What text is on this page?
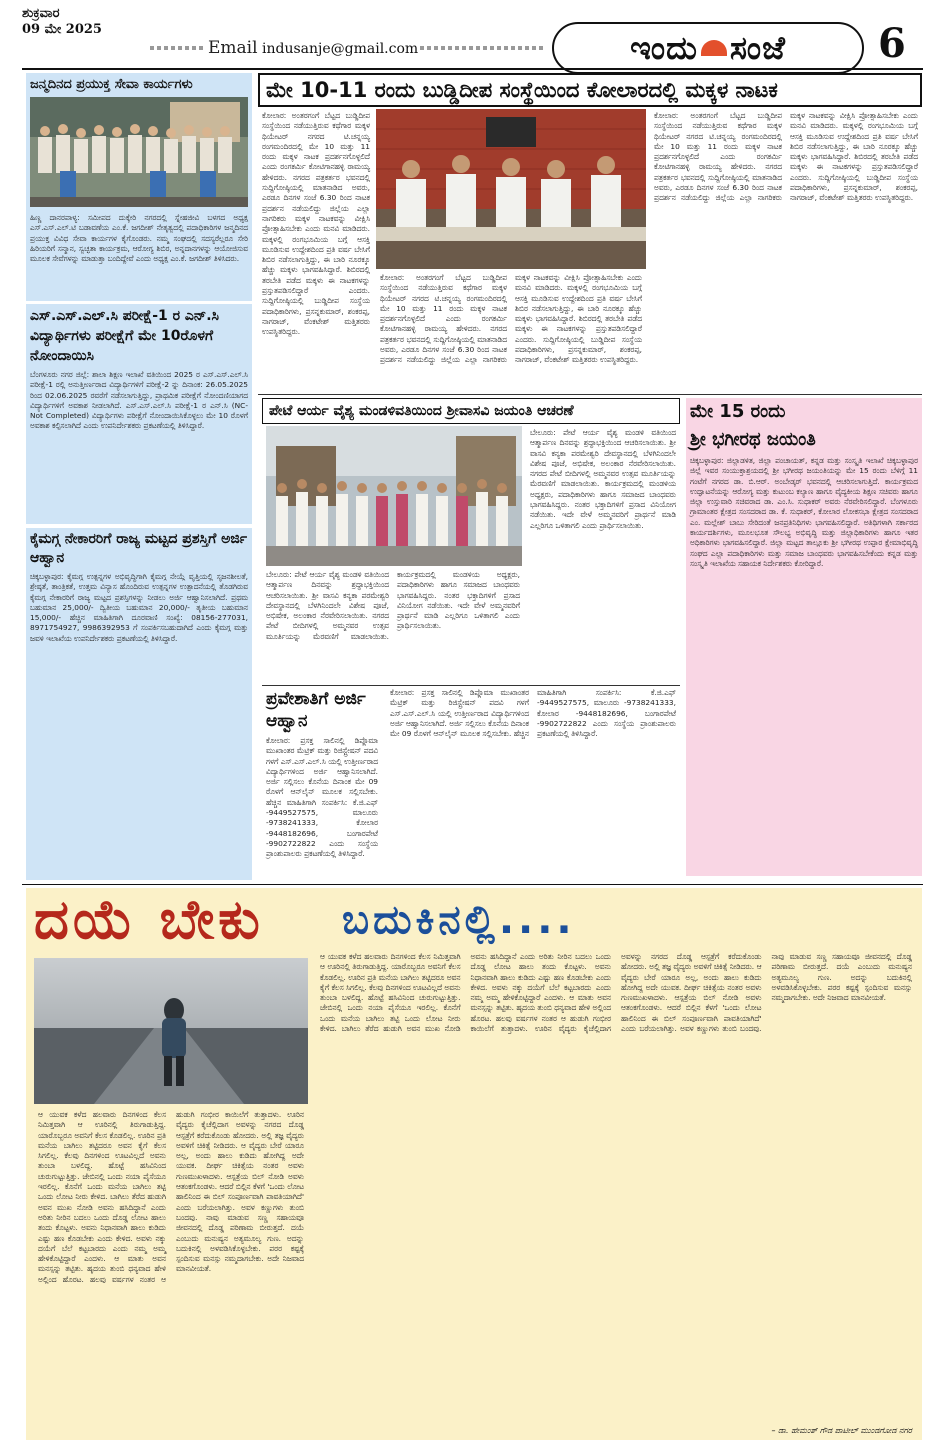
ಶುಕ್ರವಾರ
09 ಮೇ 2025
Email indusanje@gmail.com	ಇಂದು ಸಂಜೆ 6
ಜನ್ಮದಿನದ ಪ್ರಯುಕ್ತ ಸೇವಾ ಕಾರ್ಯಗಳು
ಹಿಣ್ಣ ದಾನರಪಾಳ್ಯ: ಸಮೀಪದ ದುಕ್ಕೇರಿ ನಗರದಲ್ಲಿ ಸ್ನೇಹಜೀವಿ ಬಳಗದ ಅಧ್ಯಕ್ಷ ಎಸ್.ಎಸ್.ಎಲ್.ಟಿ ಬಡಾವಣೆಯ ಎಂ.ಕೆ. ಜಗದೀಶ್ ನೇತೃತ್ವದಲ್ಲಿ ಪದಾಧಿಕಾರಿಗಳ ಜನ್ಮದಿನದ ಪ್ರಯುಕ್ತ ವಿವಿಧ ಸೇವಾ ಕಾರ್ಯಗಳ ಕೈಗೊಂಡರು. ನಮ್ಮ ಸಂಘದಲ್ಲಿ ಸದಸ್ಯರೆಲ್ಲರೂ ಸೇರಿ ಹಿರಿಯರಿಗೆ ಸನ್ಮಾನ, ಸ್ವಚ್ಛತಾ ಕಾರ್ಯಕ್ರಮ, ಆರೋಗ್ಯ ಶಿಬಿರ, ಅನ್ನದಾನಗಳನ್ನು ಆಯೋಜಿಸುವ ಮೂಲಕ ಸೇವೆಗಳನ್ನು ಮಾಡುತ್ತಾ ಬಂದಿದ್ದೇವೆ ಎಂದು ಅಧ್ಯಕ್ಷ ಎಂ.ಕೆ. ಜಗದೀಶ್ ತಿಳಿಸಿದರು.
ಎಸ್.ಎಸ್.ಎಲ್.ಸಿ ಪರೀಕ್ಷೆ-1 ರ ಎನ್.ಸಿ ವಿದ್ಯಾರ್ಥಿಗಳು ಪರೀಕ್ಷೆಗೆ ಮೇ 10ರೊಳಗೆ ನೋಂದಾಯಿಸಿ
ಬೆಂಗಳೂರು ನಗರ ಜಿಲ್ಲೆ: ಶಾಲಾ ಶಿಕ್ಷಣ ಇಲಾಖೆ ವತಿಯಿಂದ 2025 ರ ಎಸ್.ಎಸ್.ಎಲ್.ಸಿ ಪರೀಕ್ಷೆ-1 ರಲ್ಲಿ ಅನುತ್ತೀರ್ಣರಾದ ವಿದ್ಯಾರ್ಥಿಗಳಿಗೆ ಪರೀಕ್ಷೆ-2 ನ್ನು ದಿನಾಂಕ: 26.05.2025 ರಿಂದ 02.06.2025 ರವರೆಗೆ ನಡೆಸಲಾಗುತ್ತಿದ್ದು, ಪ್ರಾಥಮಿಕ ಪರೀಕ್ಷೆಗೆ ನೋಂದಣಿಯಾಗದ ವಿದ್ಯಾರ್ಥಿಗಳಿಗೆ ಅವಕಾಶ ನೀಡಲಾಗಿದೆ. ಎಸ್.ಎಸ್.ಎಲ್.ಸಿ ಪರೀಕ್ಷೆ-1 ರ ಎನ್.ಸಿ (NC-Not Completed) ವಿದ್ಯಾರ್ಥಿಗಳು ಪರೀಕ್ಷೆಗೆ ನೋಂದಾಯಿಸಿಕೊಳ್ಳಲು ಮೇ 10 ರೊಳಗೆ ಅವಕಾಶ ಕಲ್ಪಿಸಲಾಗಿದೆ ಎಂದು ಉಪನಿರ್ದೇಶಕರು ಪ್ರಕಟಣೆಯಲ್ಲಿ ತಿಳಿಸಿದ್ದಾರೆ.
ಕೈಮಗ್ಗ ನೇಕಾರರಿಗೆ ರಾಜ್ಯ ಮಟ್ಟದ ಪ್ರಶಸ್ತಿಗೆ ಅರ್ಜಿ ಆಹ್ವಾನ
ಚಿಕ್ಕಬಳ್ಳಾಪುರ: ಕೈಮಗ್ಗ ಉತ್ಪನ್ನಗಳ ಅಭಿವೃದ್ಧಿಗಾಗಿ ಕೈಮಗ್ಗ ನೇಯ್ಗೆ ವೃತ್ತಿಯಲ್ಲಿ ಸೃಜನಶೀಲತೆ, ಶ್ರೇಷ್ಠತೆ, ತಾಂತ್ರಿಕತೆ, ಉತ್ತಮ ವಿನ್ಯಾಸ ಹೊಂದಿರುವ ಉತ್ಪನ್ನಗಳ ಉತ್ಪಾದನೆಯಲ್ಲಿ ತೊಡಗಿರುವ ಕೈಮಗ್ಗ ನೇಕಾರರಿಗೆ ರಾಜ್ಯ ಮಟ್ಟದ ಪ್ರಶಸ್ತಿಗಳನ್ನು ನೀಡಲು ಅರ್ಜಿ ಆಹ್ವಾನಿಸಲಾಗಿದೆ. ಪ್ರಥಮ ಬಹುಮಾನ 25,000/- ದ್ವಿತೀಯ ಬಹುಮಾನ 20,000/- ತೃತೀಯ ಬಹುಮಾನ 15,000/- ಹೆಚ್ಚಿನ ಮಾಹಿತಿಗಾಗಿ ದೂರವಾಣಿ ಸಂಖ್ಯೆ: 08156-277031, 8971754927, 9986392953 ಗೆ ಸಂಪರ್ಕಿಸಬಹುದಾಗಿದೆ ಎಂದು ಕೈಮಗ್ಗ ಮತ್ತು ಜವಳಿ ಇಲಾಖೆಯ ಉಪನಿರ್ದೇಶಕರು ಪ್ರಕಟಣೆಯಲ್ಲಿ ತಿಳಿಸಿದ್ದಾರೆ.
ಮೇ 10-11 ರಂದು ಬುಡ್ಡಿದೀಪ ಸಂಸ್ಥೆಯಿಂದ ಕೋಲಾರದಲ್ಲಿ ಮಕ್ಕಳ ನಾಟಕ
ಕೋಲಾರ: ಅಂತರಗಂಗೆ ಬೆಟ್ಟದ ಬುಡ್ಡಿದೀಪ ಸಂಸ್ಥೆಯಿಂದ ನಡೆಯುತ್ತಿರುವ ಕಥೆಗಾರ ಮಕ್ಕಳ ಥಿಯೇಟರ್ ನಗರದ ಟಿ.ಚನ್ನಯ್ಯ ರಂಗಮಂದಿರದಲ್ಲಿ ಮೇ 10 ಮತ್ತು 11 ರಂದು ಮಕ್ಕಳ ನಾಟಕ ಪ್ರದರ್ಶನಗೊಳ್ಳಲಿದೆ ಎಂದು ರಂಗಕರ್ಮಿ ಕೋಟಿಗಾನಹಳ್ಳಿ ರಾಮಯ್ಯ ಹೇಳಿದರು. ನಗರದ ಪತ್ರಕರ್ತರ ಭವನದಲ್ಲಿ ಸುದ್ದಿಗೋಷ್ಠಿಯಲ್ಲಿ ಮಾತನಾಡಿದ ಅವರು, ಎರಡೂ ದಿನಗಳ ಸಂಜೆ 6.30 ರಿಂದ ನಾಟಕ ಪ್ರದರ್ಶನ ನಡೆಯಲಿದ್ದು ಜಿಲ್ಲೆಯ ಎಲ್ಲಾ ನಾಗರಿಕರು ಮಕ್ಕಳ ನಾಟಕವನ್ನು ವೀಕ್ಷಿಸಿ ಪ್ರೋತ್ಸಾಹಿಸಬೇಕು ಎಂದು ಮನವಿ ಮಾಡಿದರು. ಮಕ್ಕಳಲ್ಲಿ ರಂಗಭೂಮಿಯ ಬಗ್ಗೆ ಆಸಕ್ತಿ ಮೂಡಿಸುವ ಉದ್ದೇಶದಿಂದ ಪ್ರತಿ ವರ್ಷ ಬೇಸಿಗೆ ಶಿಬಿರ ನಡೆಸಲಾಗುತ್ತಿದ್ದು, ಈ ಬಾರಿ ನೂರಕ್ಕೂ ಹೆಚ್ಚು ಮಕ್ಕಳು ಭಾಗವಹಿಸಿದ್ದಾರೆ. ಶಿಬಿರದಲ್ಲಿ ತರಬೇತಿ ಪಡೆದ ಮಕ್ಕಳು ಈ ನಾಟಕಗಳನ್ನು ಪ್ರಸ್ತುತಪಡಿಸಲಿದ್ದಾರೆ ಎಂದರು. ಸುದ್ದಿಗೋಷ್ಠಿಯಲ್ಲಿ ಬುಡ್ಡಿದೀಪ ಸಂಸ್ಥೆಯ ಪದಾಧಿಕಾರಿಗಳು, ಪ್ರಸನ್ನಕುಮಾರ್, ಶಂಕರಪ್ಪ, ನಾಗರಾಜ್, ವೆಂಕಟೇಶ್ ಮತ್ತಿತರರು ಉಪಸ್ಥಿತರಿದ್ದರು.
ಕೋಲಾರ: ಅಂತರಗಂಗೆ ಬೆಟ್ಟದ ಬುಡ್ಡಿದೀಪ ಸಂಸ್ಥೆಯಿಂದ ನಡೆಯುತ್ತಿರುವ ಕಥೆಗಾರ ಮಕ್ಕಳ ಥಿಯೇಟರ್ ನಗರದ ಟಿ.ಚನ್ನಯ್ಯ ರಂಗಮಂದಿರದಲ್ಲಿ ಮೇ 10 ಮತ್ತು 11 ರಂದು ಮಕ್ಕಳ ನಾಟಕ ಪ್ರದರ್ಶನಗೊಳ್ಳಲಿದೆ ಎಂದು ರಂಗಕರ್ಮಿ ಕೋಟಿಗಾನಹಳ್ಳಿ ರಾಮಯ್ಯ ಹೇಳಿದರು. ನಗರದ ಪತ್ರಕರ್ತರ ಭವನದಲ್ಲಿ ಸುದ್ದಿಗೋಷ್ಠಿಯಲ್ಲಿ ಮಾತನಾಡಿದ ಅವರು, ಎರಡೂ ದಿನಗಳ ಸಂಜೆ 6.30 ರಿಂದ ನಾಟಕ ಪ್ರದರ್ಶನ ನಡೆಯಲಿದ್ದು ಜಿಲ್ಲೆಯ ಎಲ್ಲಾ ನಾಗರಿಕರು ಮಕ್ಕಳ ನಾಟಕವನ್ನು ವೀಕ್ಷಿಸಿ ಪ್ರೋತ್ಸಾಹಿಸಬೇಕು ಎಂದು ಮನವಿ ಮಾಡಿದರು. ಮಕ್ಕಳಲ್ಲಿ ರಂಗಭೂಮಿಯ ಬಗ್ಗೆ ಆಸಕ್ತಿ ಮೂಡಿಸುವ ಉದ್ದೇಶದಿಂದ ಪ್ರತಿ ವರ್ಷ ಬೇಸಿಗೆ ಶಿಬಿರ ನಡೆಸಲಾಗುತ್ತಿದ್ದು, ಈ ಬಾರಿ ನೂರಕ್ಕೂ ಹೆಚ್ಚು ಮಕ್ಕಳು ಭಾಗವಹಿಸಿದ್ದಾರೆ. ಶಿಬಿರದಲ್ಲಿ ತರಬೇತಿ ಪಡೆದ ಮಕ್ಕಳು ಈ ನಾಟಕಗಳನ್ನು ಪ್ರಸ್ತುತಪಡಿಸಲಿದ್ದಾರೆ ಎಂದರು. ಸುದ್ದಿಗೋಷ್ಠಿಯಲ್ಲಿ ಬುಡ್ಡಿದೀಪ ಸಂಸ್ಥೆಯ ಪದಾಧಿಕಾರಿಗಳು, ಪ್ರಸನ್ನಕುಮಾರ್, ಶಂಕರಪ್ಪ, ನಾಗರಾಜ್, ವೆಂಕಟೇಶ್ ಮತ್ತಿತರರು ಉಪಸ್ಥಿತರಿದ್ದರು.
ಕೋಲಾರ: ಅಂತರಗಂಗೆ ಬೆಟ್ಟದ ಬುಡ್ಡಿದೀಪ ಸಂಸ್ಥೆಯಿಂದ ನಡೆಯುತ್ತಿರುವ ಕಥೆಗಾರ ಮಕ್ಕಳ ಥಿಯೇಟರ್ ನಗರದ ಟಿ.ಚನ್ನಯ್ಯ ರಂಗಮಂದಿರದಲ್ಲಿ ಮೇ 10 ಮತ್ತು 11 ರಂದು ಮಕ್ಕಳ ನಾಟಕ ಪ್ರದರ್ಶನಗೊಳ್ಳಲಿದೆ ಎಂದು ರಂಗಕರ್ಮಿ ಕೋಟಿಗಾನಹಳ್ಳಿ ರಾಮಯ್ಯ ಹೇಳಿದರು. ನಗರದ ಪತ್ರಕರ್ತರ ಭವನದಲ್ಲಿ ಸುದ್ದಿಗೋಷ್ಠಿಯಲ್ಲಿ ಮಾತನಾಡಿದ ಅವರು, ಎರಡೂ ದಿನಗಳ ಸಂಜೆ 6.30 ರಿಂದ ನಾಟಕ ಪ್ರದರ್ಶನ ನಡೆಯಲಿದ್ದು ಜಿಲ್ಲೆಯ ಎಲ್ಲಾ ನಾಗರಿಕರು ಮಕ್ಕಳ ನಾಟಕವನ್ನು ವೀಕ್ಷಿಸಿ ಪ್ರೋತ್ಸಾಹಿಸಬೇಕು ಎಂದು ಮನವಿ ಮಾಡಿದರು. ಮಕ್ಕಳಲ್ಲಿ ರಂಗಭೂಮಿಯ ಬಗ್ಗೆ ಆಸಕ್ತಿ ಮೂಡಿಸುವ ಉದ್ದೇಶದಿಂದ ಪ್ರತಿ ವರ್ಷ ಬೇಸಿಗೆ ಶಿಬಿರ ನಡೆಸಲಾಗುತ್ತಿದ್ದು, ಈ ಬಾರಿ ನೂರಕ್ಕೂ ಹೆಚ್ಚು ಮಕ್ಕಳು ಭಾಗವಹಿಸಿದ್ದಾರೆ. ಶಿಬಿರದಲ್ಲಿ ತರಬೇತಿ ಪಡೆದ ಮಕ್ಕಳು ಈ ನಾಟಕಗಳನ್ನು ಪ್ರಸ್ತುತಪಡಿಸಲಿದ್ದಾರೆ ಎಂದರು. ಸುದ್ದಿಗೋಷ್ಠಿಯಲ್ಲಿ ಬುಡ್ಡಿದೀಪ ಸಂಸ್ಥೆಯ ಪದಾಧಿಕಾರಿಗಳು, ಪ್ರಸನ್ನಕುಮಾರ್, ಶಂಕರಪ್ಪ, ನಾಗರಾಜ್, ವೆಂಕಟೇಶ್ ಮತ್ತಿತರರು ಉಪಸ್ಥಿತರಿದ್ದರು.
ಪೇಟೆ ಆರ್ಯ ವೈಶ್ಯ ಮಂಡಳಿವತಿಯಿಂದ ಶ್ರೀವಾಸವಿ ಜಯಂತಿ ಆಚರಣೆ
ಬೇಲೂರು: ಪೇಟೆ ಆರ್ಯ ವೈಶ್ಯ ಮಂಡಳಿ ವತಿಯಿಂದ ಆತ್ಮಾರ್ಪಣ ದಿನವನ್ನು ಶ್ರದ್ಧಾಭಕ್ತಿಯಿಂದ ಆಚರಿಸಲಾಯಿತು. ಶ್ರೀ ವಾಸವಿ ಕನ್ಯಕಾ ಪರಮೇಶ್ವರಿ ದೇವಸ್ಥಾನದಲ್ಲಿ ಬೆಳಗಿನಿಂದಲೇ ವಿಶೇಷ ಪೂಜೆ, ಅಭಿಷೇಕ, ಅಲಂಕಾರ ನೆರವೇರಿಸಲಾಯಿತು. ನಗರದ ಪೇಟೆ ಬೀದಿಗಳಲ್ಲಿ ಅಮ್ಮನವರ ಉತ್ಸವ ಮೂರ್ತಿಯನ್ನು ಮೆರವಣಿಗೆ ಮಾಡಲಾಯಿತು. ಕಾರ್ಯಕ್ರಮದಲ್ಲಿ ಮಂಡಳಿಯ ಅಧ್ಯಕ್ಷರು, ಪದಾಧಿಕಾರಿಗಳು ಹಾಗೂ ಸಮಾಜದ ಬಾಂಧವರು ಭಾಗವಹಿಸಿದ್ದರು. ನಂತರ ಭಕ್ತಾದಿಗಳಿಗೆ ಪ್ರಸಾದ ವಿನಿಯೋಗ ನಡೆಯಿತು. ಇದೇ ವೇಳೆ ಅಮ್ಮನವರಿಗೆ ಪ್ರಾರ್ಥನೆ ಮಾಡಿ ಎಲ್ಲರಿಗೂ ಒಳಿತಾಗಲಿ ಎಂದು ಪ್ರಾರ್ಥಿಸಲಾಯಿತು.
ಬೇಲೂರು: ಪೇಟೆ ಆರ್ಯ ವೈಶ್ಯ ಮಂಡಳಿ ವತಿಯಿಂದ ಆತ್ಮಾರ್ಪಣ ದಿನವನ್ನು ಶ್ರದ್ಧಾಭಕ್ತಿಯಿಂದ ಆಚರಿಸಲಾಯಿತು. ಶ್ರೀ ವಾಸವಿ ಕನ್ಯಕಾ ಪರಮೇಶ್ವರಿ ದೇವಸ್ಥಾನದಲ್ಲಿ ಬೆಳಗಿನಿಂದಲೇ ವಿಶೇಷ ಪೂಜೆ, ಅಭಿಷೇಕ, ಅಲಂಕಾರ ನೆರವೇರಿಸಲಾಯಿತು. ನಗರದ ಪೇಟೆ ಬೀದಿಗಳಲ್ಲಿ ಅಮ್ಮನವರ ಉತ್ಸವ ಮೂರ್ತಿಯನ್ನು ಮೆರವಣಿಗೆ ಮಾಡಲಾಯಿತು. ಕಾರ್ಯಕ್ರಮದಲ್ಲಿ ಮಂಡಳಿಯ ಅಧ್ಯಕ್ಷರು, ಪದಾಧಿಕಾರಿಗಳು ಹಾಗೂ ಸಮಾಜದ ಬಾಂಧವರು ಭಾಗವಹಿಸಿದ್ದರು. ನಂತರ ಭಕ್ತಾದಿಗಳಿಗೆ ಪ್ರಸಾದ ವಿನಿಯೋಗ ನಡೆಯಿತು. ಇದೇ ವೇಳೆ ಅಮ್ಮನವರಿಗೆ ಪ್ರಾರ್ಥನೆ ಮಾಡಿ ಎಲ್ಲರಿಗೂ ಒಳಿತಾಗಲಿ ಎಂದು ಪ್ರಾರ್ಥಿಸಲಾಯಿತು.
ಪ್ರವೇಶಾತಿಗೆ ಅರ್ಜಿ ಆಹ್ವಾನ
ಕೋಲಾರ: ಪ್ರಸಕ್ತ ಸಾಲಿನಲ್ಲಿ ಡಿಪ್ಲೊಮಾ ಮುಖಾಂತರ ಮೆಟ್ರಿಕ್ ಮತ್ತು ರಿಜಿಸ್ಟ್ರೇಷನ್ ಪದವಿ ಗಳಗೆ ಎಸ್.ಎಸ್.ಎಲ್.ಸಿ ಯಲ್ಲಿ ಉತ್ತೀರ್ಣರಾದ ವಿದ್ಯಾರ್ಥಿಗಳಿಂದ ಅರ್ಜಿ ಆಹ್ವಾನಿಸಲಾಗಿದೆ. ಅರ್ಜಿ ಸಲ್ಲಿಸಲು ಕೊನೆಯ ದಿನಾಂಕ ಮೇ 09 ರೊಳಗೆ ಆನ್‌ಲೈನ್ ಮೂಲಕ ಸಲ್ಲಿಸಬೇಕು. ಹೆಚ್ಚಿನ ಮಾಹಿತಿಗಾಗಿ ಸಂಪರ್ಕಿಸಿ: ಕೆ.ಜಿ.ಎಫ್ -9449527575, ಮಾಲೂರು -9738241333, ಕೋಲಾರ -9448182696, ಬಂಗಾರಪೇಟೆ -9902722822 ಎಂದು ಸಂಸ್ಥೆಯ ಪ್ರಾಂಶುಪಾಲರು ಪ್ರಕಟಣೆಯಲ್ಲಿ ತಿಳಿಸಿದ್ದಾರೆ.
ಕೋಲಾರ: ಪ್ರಸಕ್ತ ಸಾಲಿನಲ್ಲಿ ಡಿಪ್ಲೊಮಾ ಮುಖಾಂತರ ಮೆಟ್ರಿಕ್ ಮತ್ತು ರಿಜಿಸ್ಟ್ರೇಷನ್ ಪದವಿ ಗಳಗೆ ಎಸ್.ಎಸ್.ಎಲ್.ಸಿ ಯಲ್ಲಿ ಉತ್ತೀರ್ಣರಾದ ವಿದ್ಯಾರ್ಥಿಗಳಿಂದ ಅರ್ಜಿ ಆಹ್ವಾನಿಸಲಾಗಿದೆ. ಅರ್ಜಿ ಸಲ್ಲಿಸಲು ಕೊನೆಯ ದಿನಾಂಕ ಮೇ 09 ರೊಳಗೆ ಆನ್‌ಲೈನ್ ಮೂಲಕ ಸಲ್ಲಿಸಬೇಕು. ಹೆಚ್ಚಿನ ಮಾಹಿತಿಗಾಗಿ ಸಂಪರ್ಕಿಸಿ: ಕೆ.ಜಿ.ಎಫ್ -9449527575, ಮಾಲೂರು -9738241333, ಕೋಲಾರ -9448182696, ಬಂಗಾರಪೇಟೆ -9902722822 ಎಂದು ಸಂಸ್ಥೆಯ ಪ್ರಾಂಶುಪಾಲರು ಪ್ರಕಟಣೆಯಲ್ಲಿ ತಿಳಿಸಿದ್ದಾರೆ.
ಮೇ 15 ರಂದು
ಶ್ರೀ ಭಗೀರಥ ಜಯಂತಿ
ಚಿಕ್ಕಬಳ್ಳಾಪುರ: ಜಿಲ್ಲಾಡಳಿತ, ಜಿಲ್ಲಾ ಪಂಚಾಯತ್, ಕನ್ನಡ ಮತ್ತು ಸಂಸ್ಕೃತಿ ಇಲಾಖೆ ಚಿಕ್ಕಬಳ್ಳಾಪುರ ಜಿಲ್ಲೆ ಇವರ ಸಂಯುಕ್ತಾಶ್ರಯದಲ್ಲಿ ಶ್ರೀ ಭಗೀರಥ ಜಯಂತಿಯನ್ನು ಮೇ 15 ರಂದು ಬೆಳಿಗ್ಗೆ 11 ಗಂಟೆಗೆ ನಗರದ ಡಾ. ಬಿ.ಆರ್. ಅಂಬೇಡ್ಕರ್ ಭವನದಲ್ಲಿ ಆಚರಿಸಲಾಗುತ್ತಿದೆ. ಕಾರ್ಯಕ್ರಮದ ಉದ್ಘಾಟನೆಯನ್ನು ಆರೋಗ್ಯ ಮತ್ತು ಕುಟುಂಬ ಕಲ್ಯಾಣ ಹಾಗೂ ವೈದ್ಯಕೀಯ ಶಿಕ್ಷಣ ಸಚಿವರು ಹಾಗೂ ಜಿಲ್ಲಾ ಉಸ್ತುವಾರಿ ಸಚಿವರಾದ ಡಾ. ಎಂ.ಸಿ. ಸುಧಾಕರ್ ಅವರು ನೆರವೇರಿಸಲಿದ್ದಾರೆ. ಬೆಂಗಳೂರು ಗ್ರಾಮಾಂತರ ಕ್ಷೇತ್ರದ ಸಂಸದರಾದ ಡಾ. ಕೆ. ಸುಧಾಕರ್, ಕೋಲಾರ ಲೋಕಸಭಾ ಕ್ಷೇತ್ರದ ಸಂಸದರಾದ ಎಂ. ಮಲ್ಲೇಶ್ ಬಾಬು ಸೇರಿದಂತೆ ಜನಪ್ರತಿನಿಧಿಗಳು ಭಾಗವಹಿಸಲಿದ್ದಾರೆ. ಅತಿಥಿಗಳಾಗಿ ಸರ್ಕಾರದ ಕಾರ್ಯದರ್ಶಿಗಳು, ಮೂಲಭೂತ ಸೌಲಭ್ಯ ಅಭಿವೃದ್ಧಿ ಮತ್ತು ಜಿಲ್ಲಾಧಿಕಾರಿಗಳು ಹಾಗೂ ಇತರ ಅಧಿಕಾರಿಗಳು ಭಾಗವಹಿಸಲಿದ್ದಾರೆ. ಜಿಲ್ಲಾ ಮಟ್ಟದ ತಾಲ್ಲೂಕು ಶ್ರೀ ಭಗೀರಥ ಉಪ್ಪಾರ ಕ್ಷೇಮಾಭಿವೃದ್ಧಿ ಸಂಘದ ಎಲ್ಲಾ ಪದಾಧಿಕಾರಿಗಳು ಮತ್ತು ಸಮಾಜ ಬಾಂಧವರು ಭಾಗವಹಿಸಬೇಕೆಂದು ಕನ್ನಡ ಮತ್ತು ಸಂಸ್ಕೃತಿ ಇಲಾಖೆಯ ಸಹಾಯಕ ನಿರ್ದೇಶಕರು ಕೋರಿದ್ದಾರೆ.
ದಯೆ ಬೇಕು ಬದುಕಿನಲ್ಲಿ....
ಆ ಯುವಕ ಕಳೆದ ಹಲವಾರು ದಿನಗಳಿಂದ ಕೆಲಸ ನಿಮಿತ್ತವಾಗಿ ಆ ಊರಿನಲ್ಲಿ ತಿರುಗಾಡುತ್ತಿದ್ದ. ಯಾರೊಬ್ಬರೂ ಅವನಿಗೆ ಕೆಲಸ ಕೊಡಲಿಲ್ಲ. ಊರಿನ ಪ್ರತಿ ಮನೆಯ ಬಾಗಿಲು ತಟ್ಟಿದರೂ ಅವನ ಕೈಗೆ ಕೆಲಸ ಸಿಗಲಿಲ್ಲ. ಕೆಲವು ದಿನಗಳಿಂದ ಊಟವಿಲ್ಲದೆ ಅವನು ತುಂಬಾ ಬಳಲಿದ್ದ. ಹೊಟ್ಟೆ ಹಸಿವಿನಿಂದ ಚುರುಗುಟ್ಟುತ್ತಿತ್ತು. ಜೇಬಿನಲ್ಲಿ ಒಂದು ನಯಾ ಪೈಸೆಯೂ ಇರಲಿಲ್ಲ. ಕೊನೆಗೆ ಒಂದು ಮನೆಯ ಬಾಗಿಲು ತಟ್ಟಿ ಒಂದು ಲೋಟ ನೀರು ಕೇಳಿದ. ಬಾಗಿಲು ತೆರೆದ ಹುಡುಗಿ ಅವನ ಮುಖ ನೋಡಿ ಅವನು ಹಸಿದಿದ್ದಾನೆ ಎಂದು ಅರಿತು ನೀರಿನ ಬದಲು ಒಂದು ದೊಡ್ಡ ಲೋಟ ಹಾಲು ತಂದು ಕೊಟ್ಟಳು. ಅವನು ನಿಧಾನವಾಗಿ ಹಾಲು ಕುಡಿದು ಎಷ್ಟು ಹಣ ಕೊಡಬೇಕು ಎಂದು ಕೇಳಿದ. ಅವಳು ನಕ್ಕು ದಯೆಗೆ ಬೆಲೆ ಕಟ್ಟಬಾರದು ಎಂದು ನಮ್ಮ ಅಮ್ಮ ಹೇಳಿಕೊಟ್ಟಿದ್ದಾರೆ ಎಂದಳು. ಆ ಮಾತು ಅವನ ಮನಸ್ಸನ್ನು ತಟ್ಟಿತು. ಹೃದಯ ತುಂಬಿ ಧನ್ಯವಾದ ಹೇಳಿ ಅಲ್ಲಿಂದ ಹೊರಟ. ಹಲವು ವರ್ಷಗಳ ನಂತರ ಆ ಹುಡುಗಿ ಗಂಭೀರ ಕಾಯಿಲೆಗೆ ತುತ್ತಾದಳು. ಊರಿನ ವೈದ್ಯರು ಕೈಚೆಲ್ಲಿದಾಗ ಅವಳನ್ನು ನಗರದ ದೊಡ್ಡ ಆಸ್ಪತ್ರೆಗೆ ಕರೆದುಕೊಂಡು ಹೋದರು. ಅಲ್ಲಿ ತಜ್ಞ ವೈದ್ಯರು ಅವಳಿಗೆ ಚಿಕಿತ್ಸೆ ನೀಡಿದರು. ಆ ವೈದ್ಯರು ಬೇರೆ ಯಾರೂ ಅಲ್ಲ, ಅಂದು ಹಾಲು ಕುಡಿದು ಹೋಗಿದ್ದ ಅದೇ ಯುವಕ. ದೀರ್ಘ ಚಿಕಿತ್ಸೆಯ ನಂತರ ಅವಳು ಗುಣಮುಖಳಾದಳು. ಆಸ್ಪತ್ರೆಯ ಬಿಲ್ ನೋಡಿ ಅವಳು ಆತಂಕಗೊಂಡಳು. ಆದರೆ ಬಿಲ್ಲಿನ ಕೆಳಗೆ 'ಒಂದು ಲೋಟ ಹಾಲಿನಿಂದ ಈ ಬಿಲ್ ಸಂಪೂರ್ಣವಾಗಿ ಪಾವತಿಯಾಗಿದೆ' ಎಂದು ಬರೆಯಲಾಗಿತ್ತು. ಅವಳ ಕಣ್ಣುಗಳು ತುಂಬಿ ಬಂದವು. ನಾವು ಮಾಡುವ ಸಣ್ಣ ಸಹಾಯವೂ ಜೀವನದಲ್ಲಿ ದೊಡ್ಡ ಪರಿಣಾಮ ಬೀರುತ್ತದೆ. ದಯೆ ಎಂಬುದು ಮನುಷ್ಯನ ಅತ್ಯಮೂಲ್ಯ ಗುಣ. ಅದನ್ನು ಬದುಕಿನಲ್ಲಿ ಅಳವಡಿಸಿಕೊಳ್ಳಬೇಕು. ಪರರ ಕಷ್ಟಕ್ಕೆ ಸ್ಪಂದಿಸುವ ಮನಸ್ಸು ನಮ್ಮದಾಗಬೇಕು. ಅದೇ ನಿಜವಾದ ಮಾನವೀಯತೆ.
ಆ ಯುವಕ ಕಳೆದ ಹಲವಾರು ದಿನಗಳಿಂದ ಕೆಲಸ ನಿಮಿತ್ತವಾಗಿ ಆ ಊರಿನಲ್ಲಿ ತಿರುಗಾಡುತ್ತಿದ್ದ. ಯಾರೊಬ್ಬರೂ ಅವನಿಗೆ ಕೆಲಸ ಕೊಡಲಿಲ್ಲ. ಊರಿನ ಪ್ರತಿ ಮನೆಯ ಬಾಗಿಲು ತಟ್ಟಿದರೂ ಅವನ ಕೈಗೆ ಕೆಲಸ ಸಿಗಲಿಲ್ಲ. ಕೆಲವು ದಿನಗಳಿಂದ ಊಟವಿಲ್ಲದೆ ಅವನು ತುಂಬಾ ಬಳಲಿದ್ದ. ಹೊಟ್ಟೆ ಹಸಿವಿನಿಂದ ಚುರುಗುಟ್ಟುತ್ತಿತ್ತು. ಜೇಬಿನಲ್ಲಿ ಒಂದು ನಯಾ ಪೈಸೆಯೂ ಇರಲಿಲ್ಲ. ಕೊನೆಗೆ ಒಂದು ಮನೆಯ ಬಾಗಿಲು ತಟ್ಟಿ ಒಂದು ಲೋಟ ನೀರು ಕೇಳಿದ. ಬಾಗಿಲು ತೆರೆದ ಹುಡುಗಿ ಅವನ ಮುಖ ನೋಡಿ ಅವನು ಹಸಿದಿದ್ದಾನೆ ಎಂದು ಅರಿತು ನೀರಿನ ಬದಲು ಒಂದು ದೊಡ್ಡ ಲೋಟ ಹಾಲು ತಂದು ಕೊಟ್ಟಳು. ಅವನು ನಿಧಾನವಾಗಿ ಹಾಲು ಕುಡಿದು ಎಷ್ಟು ಹಣ ಕೊಡಬೇಕು ಎಂದು ಕೇಳಿದ. ಅವಳು ನಕ್ಕು ದಯೆಗೆ ಬೆಲೆ ಕಟ್ಟಬಾರದು ಎಂದು ನಮ್ಮ ಅಮ್ಮ ಹೇಳಿಕೊಟ್ಟಿದ್ದಾರೆ ಎಂದಳು. ಆ ಮಾತು ಅವನ ಮನಸ್ಸನ್ನು ತಟ್ಟಿತು. ಹೃದಯ ತುಂಬಿ ಧನ್ಯವಾದ ಹೇಳಿ ಅಲ್ಲಿಂದ ಹೊರಟ. ಹಲವು ವರ್ಷಗಳ ನಂತರ ಆ ಹುಡುಗಿ ಗಂಭೀರ ಕಾಯಿಲೆಗೆ ತುತ್ತಾದಳು. ಊರಿನ ವೈದ್ಯರು ಕೈಚೆಲ್ಲಿದಾಗ ಅವಳನ್ನು ನಗರದ ದೊಡ್ಡ ಆಸ್ಪತ್ರೆಗೆ ಕರೆದುಕೊಂಡು ಹೋದರು. ಅಲ್ಲಿ ತಜ್ಞ ವೈದ್ಯರು ಅವಳಿಗೆ ಚಿಕಿತ್ಸೆ ನೀಡಿದರು. ಆ ವೈದ್ಯರು ಬೇರೆ ಯಾರೂ ಅಲ್ಲ, ಅಂದು ಹಾಲು ಕುಡಿದು ಹೋಗಿದ್ದ ಅದೇ ಯುವಕ. ದೀರ್ಘ ಚಿಕಿತ್ಸೆಯ ನಂತರ ಅವಳು ಗುಣಮುಖಳಾದಳು. ಆಸ್ಪತ್ರೆಯ ಬಿಲ್ ನೋಡಿ ಅವಳು ಆತಂಕಗೊಂಡಳು. ಆದರೆ ಬಿಲ್ಲಿನ ಕೆಳಗೆ 'ಒಂದು ಲೋಟ ಹಾಲಿನಿಂದ ಈ ಬಿಲ್ ಸಂಪೂರ್ಣವಾಗಿ ಪಾವತಿಯಾಗಿದೆ' ಎಂದು ಬರೆಯಲಾಗಿತ್ತು. ಅವಳ ಕಣ್ಣುಗಳು ತುಂಬಿ ಬಂದವು. ನಾವು ಮಾಡುವ ಸಣ್ಣ ಸಹಾಯವೂ ಜೀವನದಲ್ಲಿ ದೊಡ್ಡ ಪರಿಣಾಮ ಬೀರುತ್ತದೆ. ದಯೆ ಎಂಬುದು ಮನುಷ್ಯನ ಅತ್ಯಮೂಲ್ಯ ಗುಣ. ಅದನ್ನು ಬದುಕಿನಲ್ಲಿ ಅಳವಡಿಸಿಕೊಳ್ಳಬೇಕು. ಪರರ ಕಷ್ಟಕ್ಕೆ ಸ್ಪಂದಿಸುವ ಮನಸ್ಸು ನಮ್ಮದಾಗಬೇಕು. ಅದೇ ನಿಜವಾದ ಮಾನವೀಯತೆ.
– ಡಾ. ಹೇಮಂತ್ ಗೌಡ ಪಾಟೀಲ್ ಮುಂಡಗೋಡ ನಗರ
